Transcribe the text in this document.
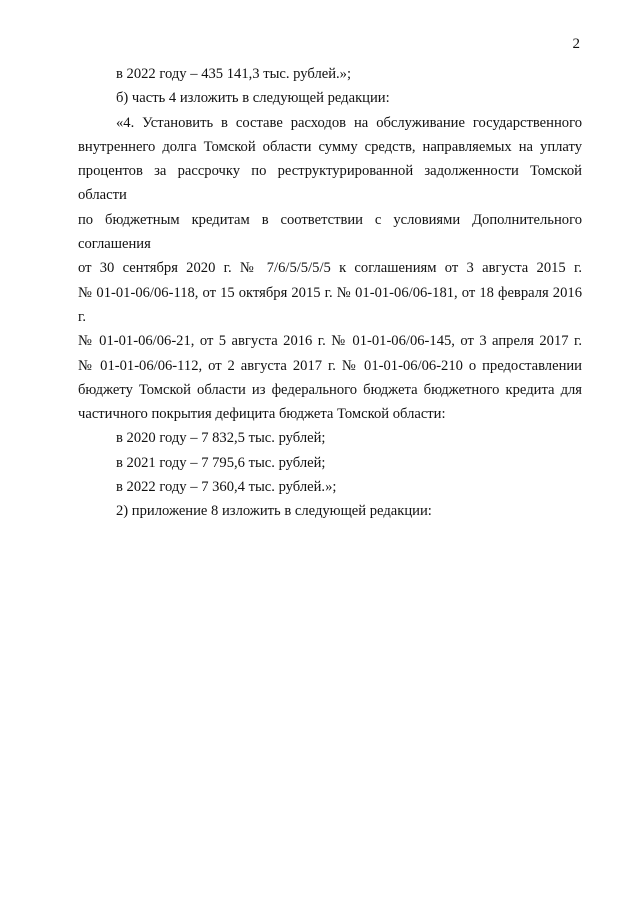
2

в 2022 году – 435 141,3 тыс. рублей.»;

б) часть 4 изложить в следующей редакции:

«4. Установить в составе расходов на обслуживание государственного
внутреннего долга Томской области сумму средств, направляемых на уплату
процентов за рассрочку по реструктурированной задолженности Томской области
по бюджетным кредитам в соответствии с условиями Дополнительного соглашения
от 30 сентября 2020 г. № 7/6/5/5/5/5 к соглашениям от 3 августа 2015 г.
№ 01-01-06/06-118, от 15 октября 2015 г. № 01-01-06/06-181, от 18 февраля 2016 г.
№ 01-01-06/06-21, от 5 августа 2016 г. № 01-01-06/06-145, от 3 апреля 2017 г.
№ 01-01-06/06-112, от 2 августа 2017 г. № 01-01-06/06-210 о предоставлении
бюджету Томской области из федерального бюджета бюджетного кредита для
частичного покрытия дефицита бюджета Томской области:

в 2020 году – 7 832,5 тыс. рублей;

в 2021 году – 7 795,6 тыс. рублей;

в 2022 году – 7 360,4 тыс. рублей.»;

2) приложение 8 изложить в следующей редакции:
